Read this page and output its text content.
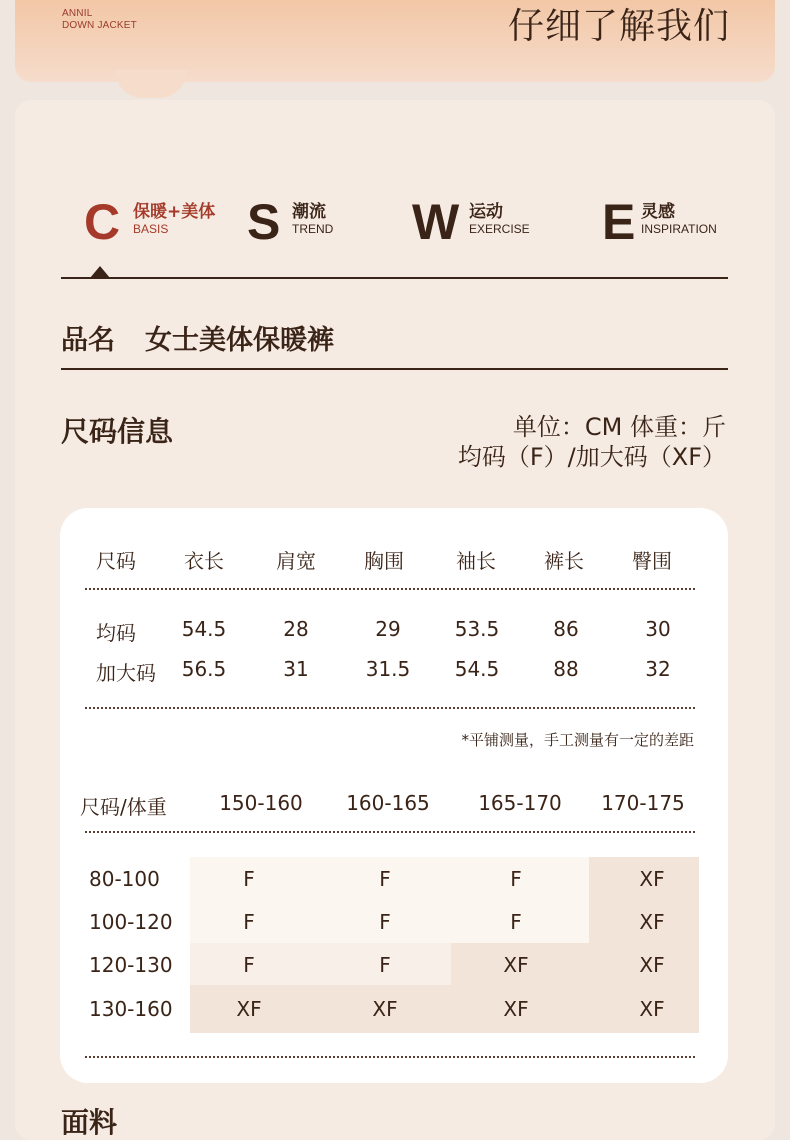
ANNIL
DOWN JACKET	仔细了解我们
C 保暖+美体
BASIS S 潮流
TREND W 运动
EXERCISE E 灵感
INSPIRATION
品名 女士美体保暖裤
尺码信息	单位：CM 体重：斤
均码（F）/加大码（XF）
尺码 衣长	肩宽 胸围	袖长 裤长 臀围
均码 54.5	28	29	53.5	86	30
加大码 56.5	31	31.5 54.5	88	32
*平铺测量，手工测量有一定的差距
尺码/体重	150-160 160-165 165-170 170-175
80-100	F	F	F	XF
100-120	F	F	F	XF
120-130	F	F	XF	XF
130-160	XF	XF	XF	XF
面料
